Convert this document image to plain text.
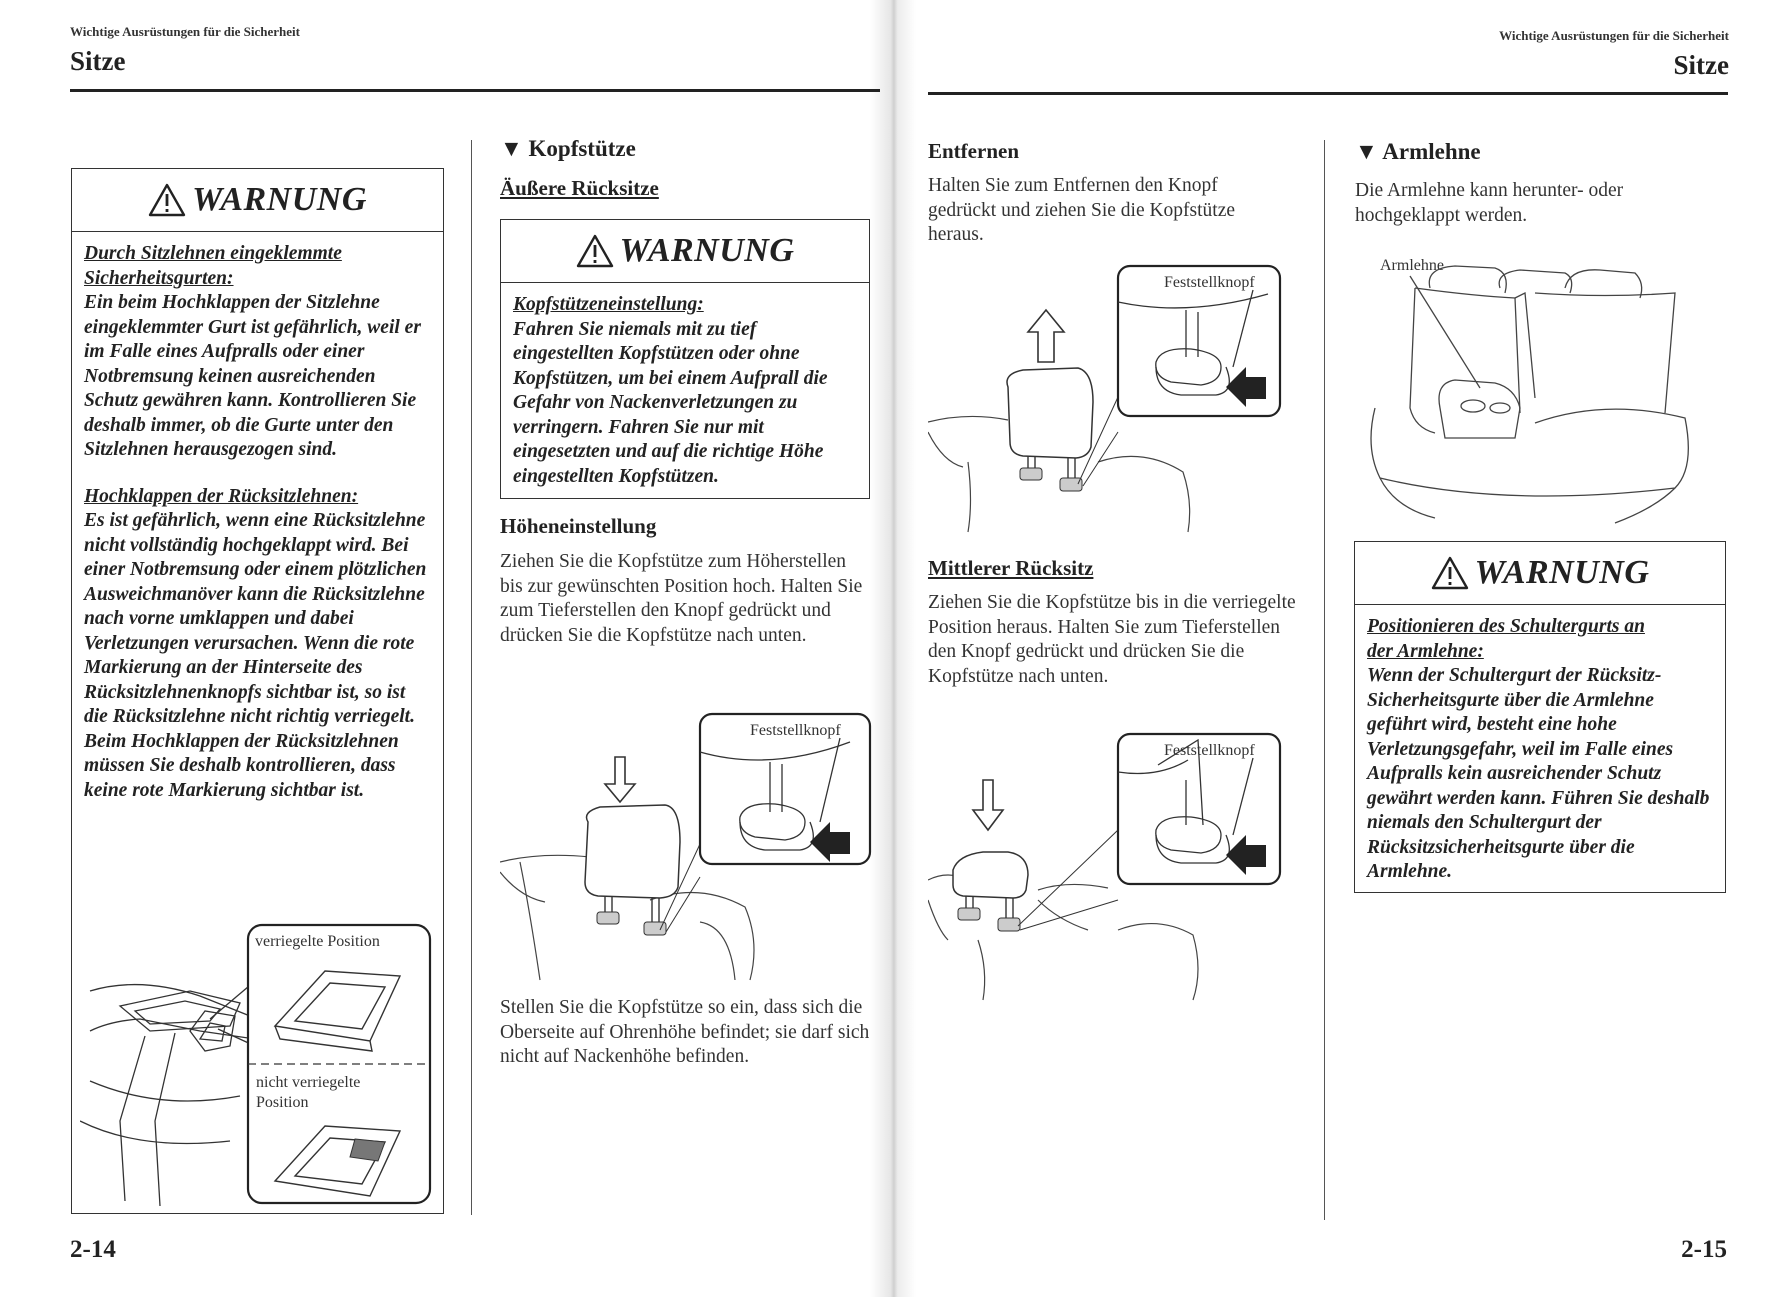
Wichtige Ausrüstungen für die Sicherheit
Sitze
WARNUNG
Durch Sitzlehnen eingeklemmte
Sicherheitsgurten:

Ein beim Hochklappen der Sitzlehne eingeklemmter Gurt ist gefährlich, weil er im Falle eines Aufpralls oder einer Notbremsung keinen ausreichenden Schutz gewähren kann. Kontrollieren Sie deshalb immer, ob die Gurte unter den Sitzlehnen herausgezogen sind.

Hochklappen der Rücksitzlehnen:

Es ist gefährlich, wenn eine Rücksitzlehne nicht vollständig hochgeklappt wird. Bei einer Notbremsung oder einem plötzlichen Ausweichmanöver kann die Rücksitzlehne nach vorne umklappen und dabei Verletzungen verursachen. Wenn die rote Markierung an der Hinterseite des Rücksitzlehnenknopfs sichtbar ist, so ist die Rücksitzlehne nicht richtig verriegelt. Beim Hochklappen der Rücksitzlehnen müssen Sie deshalb kontrollieren, dass keine rote Markierung sichtbar ist.

verriegelte Position
nicht verriegelte
Position
▼ Kopfstütze
Äußere Rücksitze
WARNUNG
Kopfstützeneinstellung:

Fahren Sie niemals mit zu tief eingestellten Kopfstützen oder ohne Kopfstützen, um bei einem Aufprall die Gefahr von Nackenverletzungen zu verringern. Fahren Sie nur mit eingesetzten und auf die richtige Höhe eingestellten Kopfstützen.

Höheneinstellung
Ziehen Sie die Kopfstütze zum Höherstellen bis zur gewünschten Position hoch. Halten Sie zum Tieferstellen den Knopf gedrückt und drücken Sie die Kopfstütze nach unten.
Feststellknopf
Stellen Sie die Kopfstütze so ein, dass sich die Oberseite auf Ohrenhöhe befindet; sie darf sich nicht auf Nackenhöhe befinden.
2-14
Wichtige Ausrüstungen für die Sicherheit
Sitze
Entfernen
Halten Sie zum Entfernen den Knopf gedrückt und ziehen Sie die Kopfstütze heraus.
Feststellknopf
Mittlerer Rücksitz
Ziehen Sie die Kopfstütze bis in die verriegelte Position heraus. Halten Sie zum Tieferstellen den Knopf gedrückt und drücken Sie die Kopfstütze nach unten.
Feststellknopf
▼ Armlehne
Die Armlehne kann herunter- oder hochgeklappt werden.
Armlehne
WARNUNG
Positionieren des Schultergurts an
der Armlehne:

Wenn der Schultergurt der Rücksitz-Sicherheitsgurte über die Armlehne geführt wird, besteht eine hohe Verletzungsgefahr, weil im Falle eines Aufpralls kein ausreichender Schutz gewährt werden kann. Führen Sie deshalb niemals den Schultergurt der Rücksitzsicherheitsgurte über die Armlehne.

2-15
